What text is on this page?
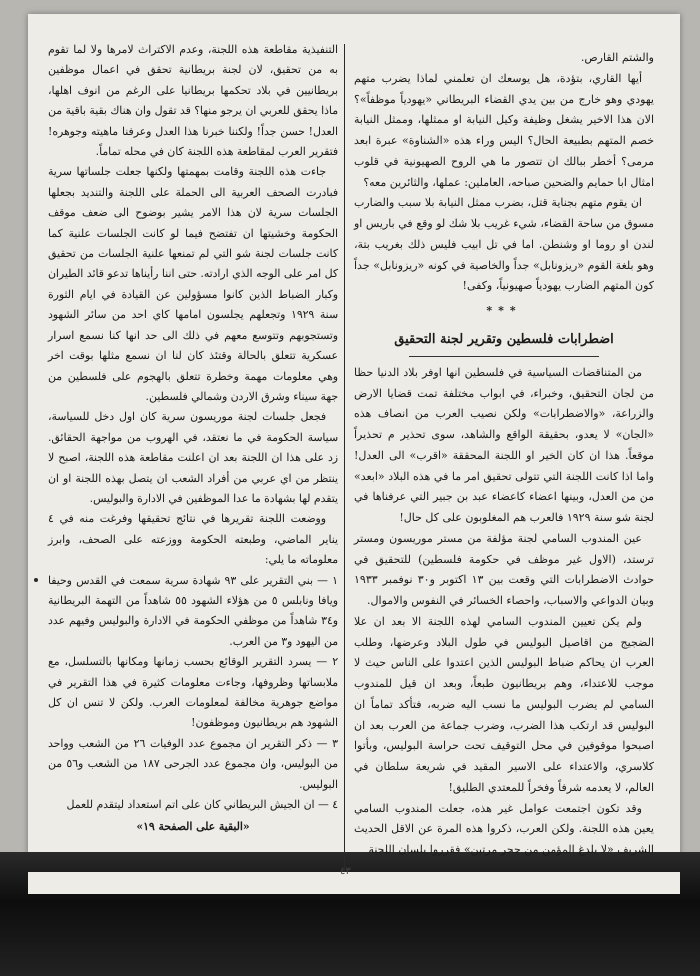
والشتم القارص.

أيها القاري، بتؤدة، هل يوسعك ان تعلمني لماذا يضرب متهم يهودي وهو خارج من بين يدي القضاء البريطاني «يهودياً موظفاً»؟ الان هذا الاخير يشغل وظيفة وكيل النيابة او ممثلها، وممثل النيابة خصم المتهم بطبيعة الحال؟ اليس وراء هذه «الشناوة» عبرة ابعد مرمى؟ أخطر ببالك ان تتصور ما هي الروح الصهيونية في قلوب امثال ابا حمايم والضحين صباحه، العاملين: عملها، والثائرين معه؟

ان يقوم متهم بجناية قتل، بضرب ممثل النيابة بلا سبب والضارب مسوق من ساحة القضاء، شيء غريب بلا شك لو وقع في باريس او لندن او روما او وشنطن. اما في تل ابيب فليس ذلك بغريب بتة، وهو بلغة القوم «ريزونابل» جداً والخاصية في كونه «ريزونابل» جداً كون المتهم الضارب يهودياً صهيونياً، وكفى!

***

اضطرابات فلسطين وتقرير لجنة التحقيق

من المتناقضات السياسية في فلسطين انها اوفر بلاد الدنيا حظا من لجان التحقيق، وخبراء، في ابواب مختلفة تمت قضايا الارض والزراعة، «والاضطرابات» ولكن نصيب العرب من انصاف هذه «الجان» لا يعدو، بحقيقة الواقع والشاهد، سوى تحذير م تحذيراً موقعاً. هذا ان كان الخير او اللجنة المحققة «اقرب» الى العدل! واما اذا كانت اللجنة التي تتولى تحقيق امر ما في هذه البلاد «ابعد» من من العدل، وبينها اعضاء كاعضاء عبد بن جبير التي عرفناها في لجنة شو سنة ١٩٢٩ فالعرب هم المغلوبون على كل حال!

عين المندوب السامي لجنة مؤلفة من مستر موريسون ومستر ترستد، (الاول غير موظف في حكومة فلسطين) للتحقيق في حوادث الاضطرابات التي وقعت بين ١٣ اكتوبر و٣٠ نوفمبر ١٩٣٣ وبيان الدواعي والاسباب، واحصاء الخسائر في النفوس والاموال.

ولم يكن تعيين المندوب السامي لهذه اللجنة الا بعد ان علا الضجيج من اقاصيل البوليس في طول البلاد وعرضها، وطلب العرب ان يحاكم ضباط البوليس الذين اعتدوا على الناس حيث لا موجب للاعتداء، وهم بريطانيون طبعاً، وبعد ان قيل للمندوب السامي لم يضرب البوليس ما نسب اليه ضربه، فتأكد تماماً ان البوليس قد ارتكب هذا الضرب، وضرب جماعة من العرب بعد ان اصبحوا موقوفين في محل التوقيف تحت حراسة البوليس، وبأتوا كلاسري، والاعتداء على الاسير المقيد في شريعة سلطان في العالم، لا يعدمه شرفاً وفخراً للمعتدي الطليق!

وقد تكون اجتمعت عوامل غير هذه، جعلت المندوب السامي يعين هذه اللجنة. ولكن العرب، ذكروا هذه المرة عن الاقل الحديث الشريف «لا يلدغ المؤمن من جحر مرتين» فقرروا بلسان اللجنة

التنفيذية مقاطعة هذه اللجنة، وعدم الاكتراث لامرها ولا لما تقوم به من تحقيق، لان لجنة بريطانية تحقق في اعمال موظفين بريطانيين في بلاد تحكمها بريطانيا على الرغم من انوف اهلها، ماذا يحقق للعربي ان يرجو منها؟ قد تقول وان هناك بقية باقية من العدل! حسن جداً! ولكننا خبرنا هذا العدل وعرفنا ماهيته وجوهره! فتقرير العرب لمقاطعة هذه اللجنة كان في محله تماماً.

جاءت هذه اللجنة وقامت بمهمتها ولكنها جعلت جلساتها سرية فبادرت الصحف العربية الى الحملة على اللجنة والتنديد بجعلها الجلسات سرية لان هذا الامر يشير بوضوح الى ضعف موقف الحكومة وخشيتها ان تفتضح فيما لو كانت الجلسات علنية كما كانت جلسات لجنة شو التي لم تمنعها علنية الجلسات من تحقيق كل امر على الوجه الذي ارادته. حتى اننا رأيناها تدعو قائد الطيران وكبار الضباط الذين كانوا مسؤولين عن القيادة في ايام الثورة سنة ١٩٢٩ وتجعلهم يجلسون امامها كاي احد من سائر الشهود وتستجوبهم وتتوسع معهم في ذلك الى حد انها كنا نسمع اسرار عسكرية تتعلق بالحالة وقتئذ كان لنا ان نسمع مثلها بوقت اخر وهي معلومات مهمة وخطرة تتعلق بالهجوم على فلسطين من جهة سيناء وشرق الاردن وشمالي فلسطين.

فجعل جلسات لجنة موريسون سرية كان اول دخل للسياسة، سياسة الحكومة في ما نعتقد، في الهروب من مواجهة الحقائق. زد على هذا ان اللجنة بعد ان اعلنت مقاطعة هذه اللجنة، اصبح لا ينتظر من اي عربي من أفراد الشعب ان يتصل بهذه اللجنة او ان يتقدم لها بشهادة ما عدا الموظفين في الادارة والبوليس.

ووضعت اللجنة تقريرها في نتائج تحقيقها وفرغت منه في ٤ يناير الماضي، وطبعته الحكومة ووزعته على الصحف، وابرز معلوماته ما يلي:

١ — بني التقرير على ٩٣ شهادة سرية سمعت في القدس وحيفا ويافا ونابلس ٥ من هؤلاء الشهود ٥٥ شاهداً من التهمة البريطانية و٣٤ شاهداً من موظفي الحكومة في الادارة والبوليس وفيهم عدد من اليهود و٣ من العرب.

٢ — يسرد التقرير الوقائع بحسب زمانها ومكانها بالتسلسل، مع ملابساتها وظروفها، وجاءت معلومات كثيرة في هذا التقرير في مواضع جوهرية مخالفة لمعلومات العرب. ولكن لا تنس ان كل الشهود هم بريطانيون وموظفون!

٣ — ذكر التقرير ان مجموع عدد الوفيات ٢٦ من الشعب وواحد من البوليس، وان مجموع عدد الجرحى ١٨٧ من الشعب و٥٦ من البوليس.

٤ — ان الجيش البريطاني كان على اتم استعداد ليتقدم للعمل

«البقية على الصفحة ١٩»

٤٣
